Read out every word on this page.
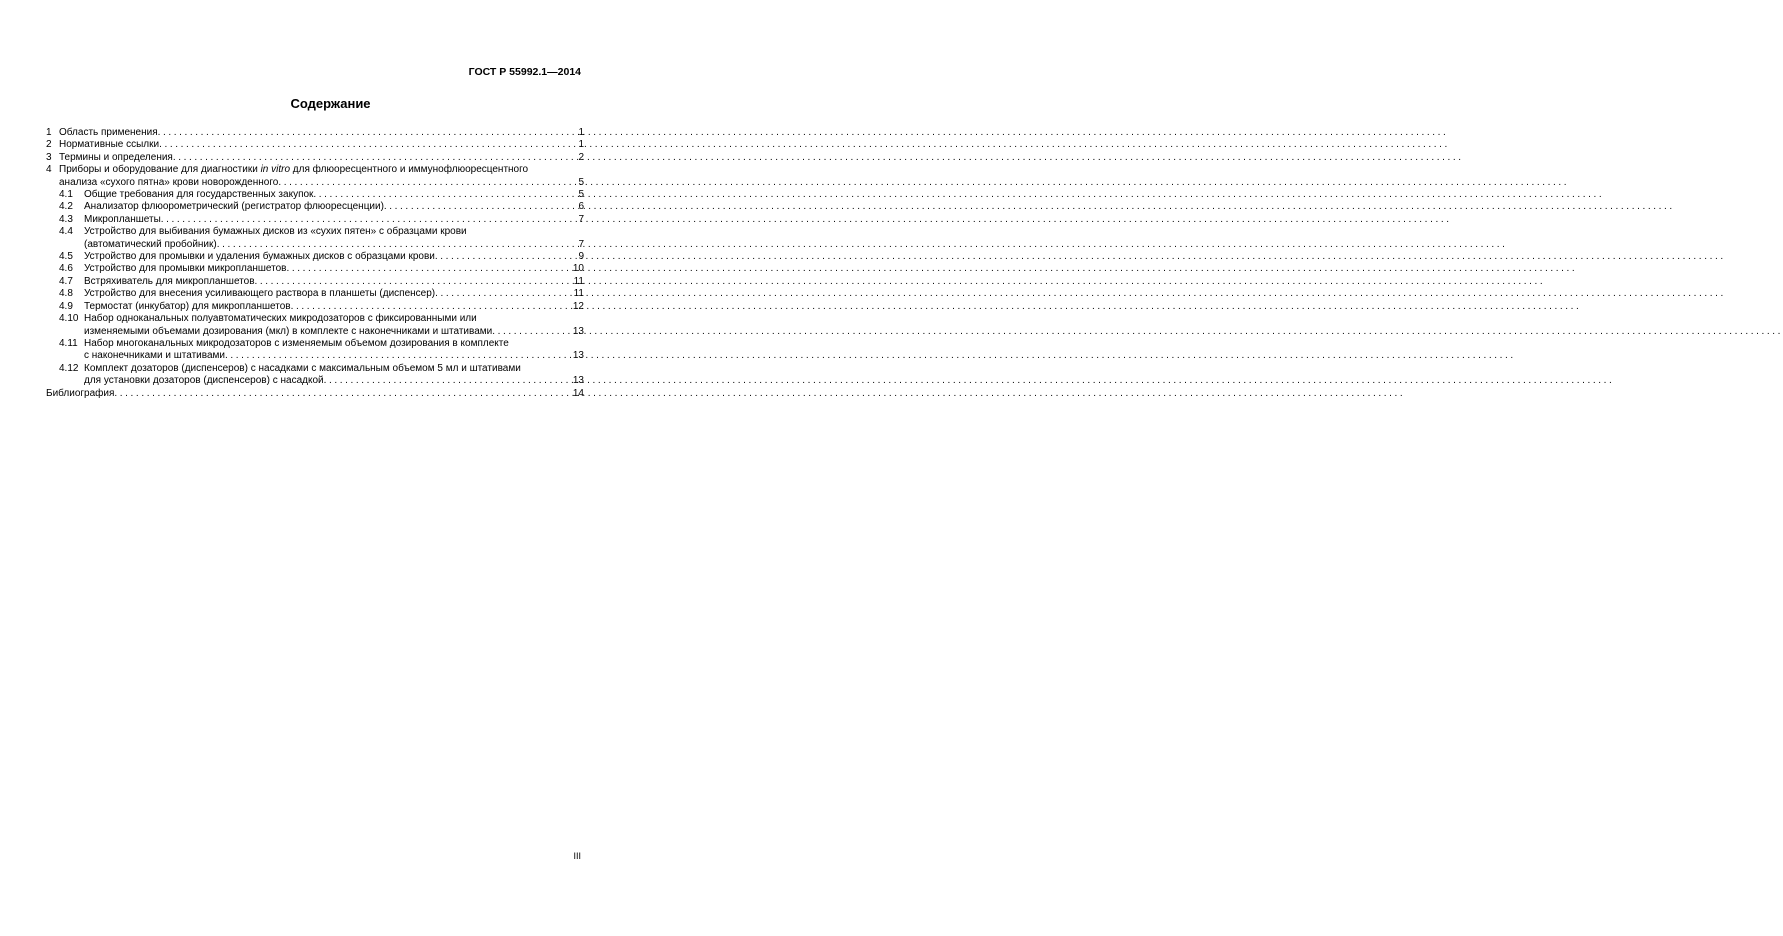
ГОСТ Р 55992.1—2014
Содержание
1 Область применения .....	1
2 Нормативные ссылки .....	1
3 Термины и определения .....	2
4 Приборы и оборудование для диагностики in vitro для флюоресцентного и иммунофлюоресцентного
анализа «сухого пятна» крови новорожденного .....	5
4.1	Общие требования для государственных закупок .....	5
4.2	Анализатор флюорометрический (регистратор флюоресценции) .....	6
4.3	Микропланшеты .....	7
4.4	Устройство для выбивания бумажных дисков из «сухих пятен» с образцами крови
(автоматический пробойник) .....	7
4.5	Устройство для промывки и удаления бумажных дисков с образцами крови .....	9
4.6	Устройство для промывки микропланшетов .....	10
4.7	Встряхиватель для микропланшетов .....	11
4.8	Устройство для внесения усиливающего раствора в планшеты (диспенсер) .....	11
4.9	Термостат (инкубатор) для микропланшетов .....	12
4.10 Набор одноканальных полуавтоматических микродозаторов с фиксированными или
изменяемыми объемами дозирования (мкл) в комплекте с наконечниками и штативами .....	13
4.11 Набор многоканальных микродозаторов с изменяемым объемом дозирования в комплекте
с наконечниками и штативами .....	13
4.12 Комплект дозаторов (диспенсеров) с насадками с максимальным объемом 5 мл и штативами
для установки дозаторов (диспенсеров) с насадкой .....	13
Библиография .....	14
III
